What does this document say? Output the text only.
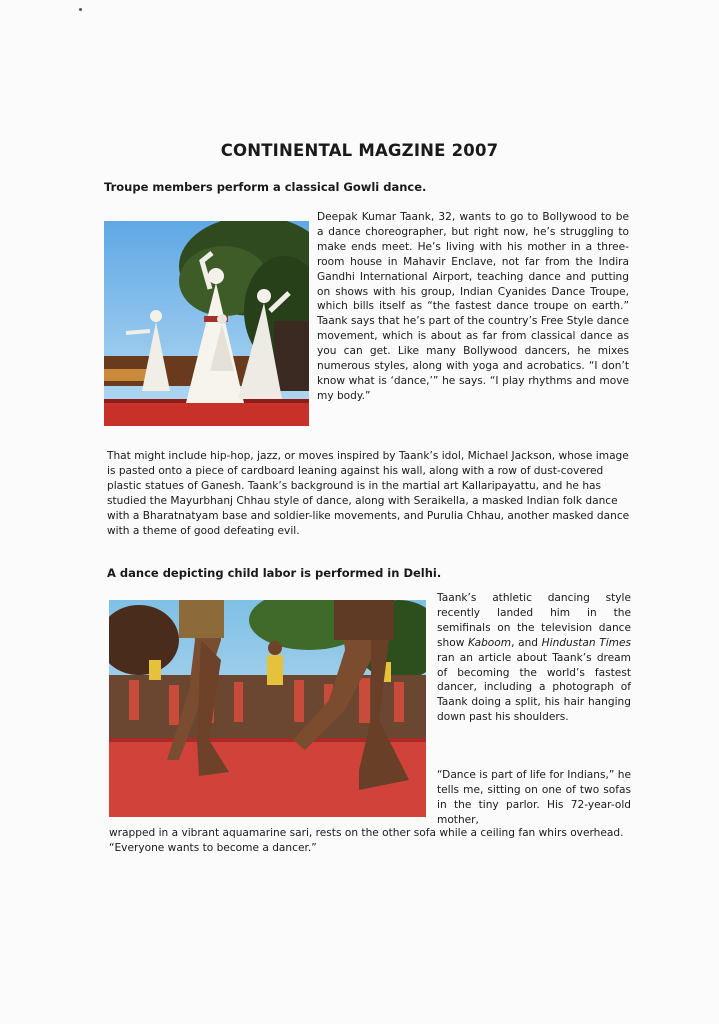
CONTINENTAL MAGZINE 2007
Troupe members perform a classical Gowli dance.

Deepak Kumar Taank, 32, wants to go to Bollywood to be a dance choreographer, but right now, he’s struggling to make ends meet. He’s living with his mother in a three-room house in Mahavir Enclave, not far from the Indira Gandhi International Airport, teaching dance and putting on shows with his group, Indian Cyanides Dance Troupe, which bills itself as “the fastest dance troupe on earth.” Taank says that he’s part of the country’s Free Style dance movement, which is about as far from classical dance as you can get. Like many Bollywood dancers, he mixes numerous styles, along with yoga and acrobatics. “I don’t know what is ‘dance,’” he says. “I play rhythms and move my body.”

That might include hip-hop, jazz, or moves inspired by Taank’s idol, Michael Jackson, whose image is pasted onto a piece of cardboard leaning against his wall, along with a row of dust-covered plastic statues of Ganesh. Taank’s background is in the martial art Kallaripayattu, and he has studied the Mayurbhanj Chhau style of dance, along with Seraikella, a masked Indian folk dance with a Bharatnatyam base and soldier-like movements, and Purulia Chhau, another masked dance with a theme of good defeating evil.

A dance depicting child labor is performed in Delhi.

Taank’s athletic dancing style recently landed him in the semifinals on the television dance show Kaboom, and Hindustan Times ran an article about Taank’s dream of becoming the world’s fastest dancer, including a photograph of Taank doing a split, his hair hanging down past his shoulders.

“Dance is part of life for Indians,” he tells me, sitting on one of two sofas in the tiny parlor. His 72-year-old mother,

wrapped in a vibrant aquamarine sari, rests on the other sofa while a ceiling fan whirs overhead. “Everyone wants to become a dancer.”
